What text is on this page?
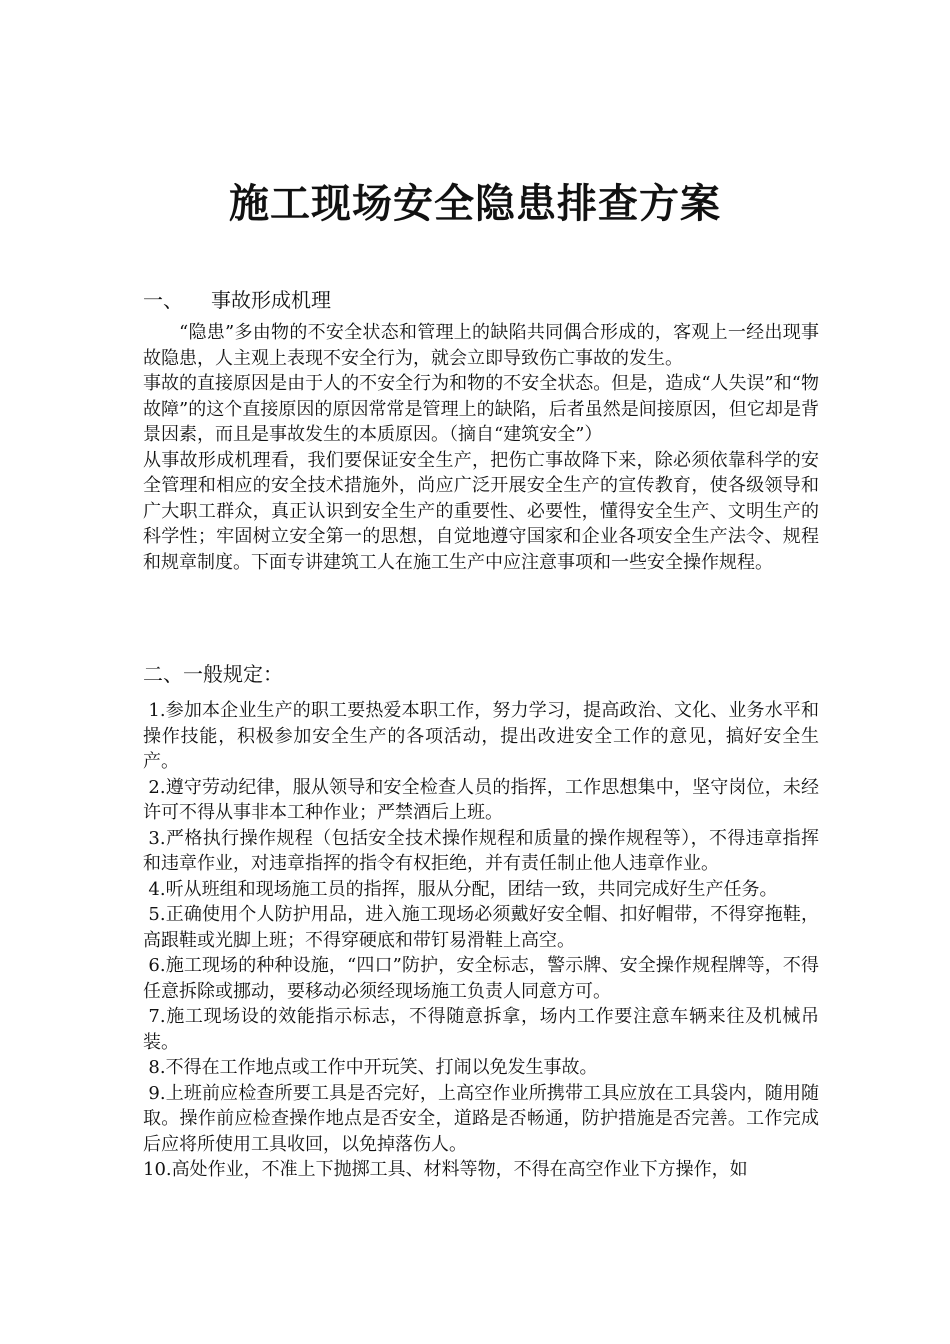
施工现场安全隐患排查方案

一、 事故形成机理

“隐患”多由物的不安全状态和管理上的缺陷共同偶合形成的，客观上一经出现事故隐患，人主观上表现不安全行为，就会立即导致伤亡事故的发生。

事故的直接原因是由于人的不安全行为和物的不安全状态。但是，造成“人失误”和“物故障”的这个直接原因的原因常常是管理上的缺陷，后者虽然是间接原因，但它却是背景因素，而且是事故发生的本质原因。（摘自“建筑安全”）

从事故形成机理看，我们要保证安全生产，把伤亡事故降下来，除必须依靠科学的安全管理和相应的安全技术措施外，尚应广泛开展安全生产的宣传教育，使各级领导和广大职工群众，真正认识到安全生产的重要性、必要性，懂得安全生产、文明生产的科学性；牢固树立安全第一的思想，自觉地遵守国家和企业各项安全生产法令、规程和规章制度。下面专讲建筑工人在施工生产中应注意事项和一些安全操作规程。

二、一般规定：

1.参加本企业生产的职工要热爱本职工作，努力学习，提高政治、文化、业务水平和操作技能，积极参加安全生产的各项活动，提出改进安全工作的意见，搞好安全生产。

2.遵守劳动纪律，服从领导和安全检查人员的指挥，工作思想集中，坚守岗位，未经许可不得从事非本工种作业；严禁酒后上班。

3.严格执行操作规程（包括安全技术操作规程和质量的操作规程等），不得违章指挥和违章作业，对违章指挥的指令有权拒绝，并有责任制止他人违章作业。

4.听从班组和现场施工员的指挥，服从分配，团结一致，共同完成好生产任务。

5.正确使用个人防护用品，进入施工现场必须戴好安全帽、扣好帽带，不得穿拖鞋，高跟鞋或光脚上班；不得穿硬底和带钉易滑鞋上高空。

6.施工现场的种种设施，“四口”防护，安全标志，警示牌、安全操作规程牌等，不得任意拆除或挪动，要移动必须经现场施工负责人同意方可。

7.施工现场设的效能指示标志，不得随意拆拿，场内工作要注意车辆来往及机械吊装。

8.不得在工作地点或工作中开玩笑、打闹以免发生事故。

9.上班前应检查所要工具是否完好，上高空作业所携带工具应放在工具袋内，随用随取。操作前应检查操作地点是否安全，道路是否畅通，防护措施是否完善。工作完成后应将所使用工具收回，以免掉落伤人。

10.高处作业，不准上下抛掷工具、材料等物，不得在高空作业下方操作，如
